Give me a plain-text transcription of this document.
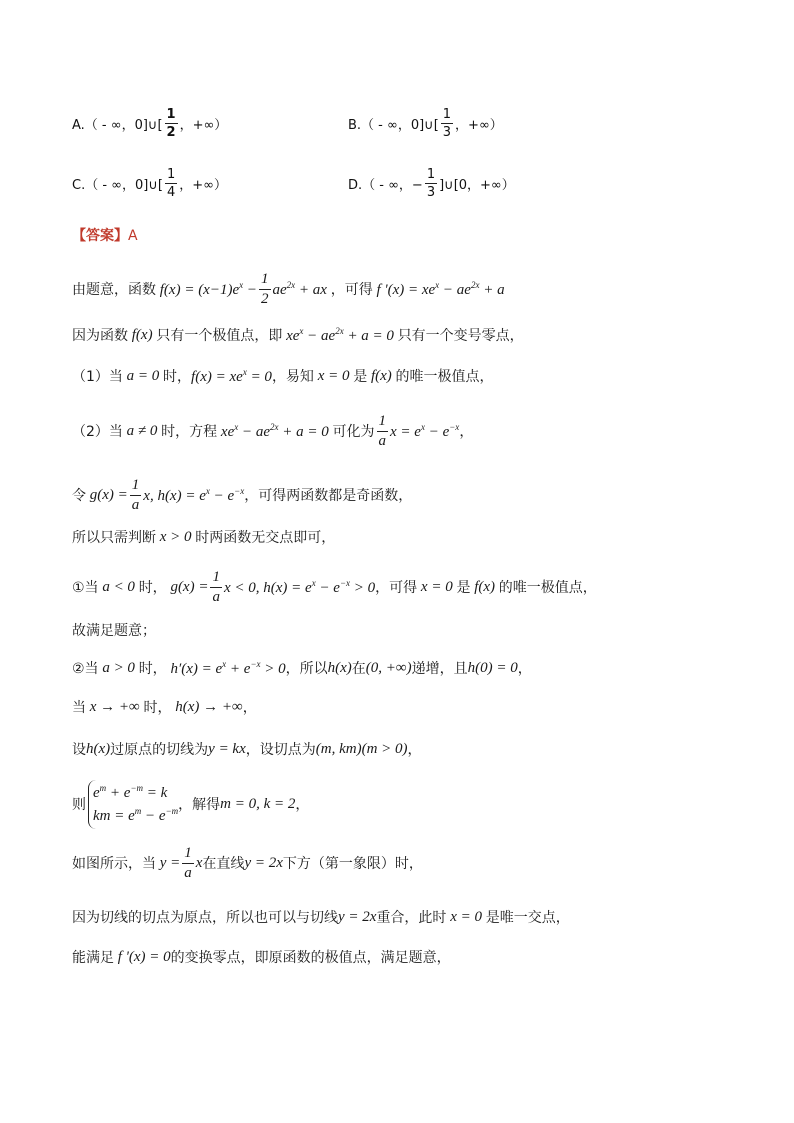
A.（ - ∞，0]∪[ $\frac{1}{2}$ ，+∞）	B.（ - ∞，0]∪[ $\frac{1}{3}$ ，+∞）
C.（ - ∞，0]∪[ $\frac{1}{4}$ ，+∞）	D.（ - ∞，− $\frac{1}{3}$ ]∪[0，+∞）
【答案】 A
由题意，函数 $f(x) = (x-1)e^x - \frac{1}{2} ae^{2x}$ + ax ，可得 f '$(x) = xe^x - ae^{2x} + a$
因为函数 f(x) 只有一个极值点，即 $xe^x - ae^{2x} + a = 0$ 只有一个变号零点，
（1）当 a = 0 时， $f(x) = xe^x = 0$ ，易知 x = 0 是 f(x) 的唯一极值点，
（2）当 a ≠ 0 时，方程 $xe^x - ae^{2x} + a = 0$ 可化为 $\frac{1}{a}$ $x = e^x - e^{-x}$ ，
令 $g(x) = \frac{1}{a} x$, $h(x) = e^x - e^{-x}$ ，可得两函数都是奇函数，
所以只需判断 x > 0 时两函数无交点即可，
①当 a < 0 时， $g(x) = \frac{1}{a}$ x < 0, $h(x) = e^x - e^{-x} > 0$ ，可得 x = 0 是 f(x) 的唯一极值点，
故满足题意；
②当 a > 0 时， $h'(x) = e^x + e^{-x} > 0$ ，所以 h(x) 在 (0, +∞) 递增，且 h(0) = 0 ，
当 x → +∞ 时， h(x) → +∞ ，
设 h(x) 过原点的切线为 y = kx ，设切点为 (m, km)(m > 0) ，
则
$e^m + e^{-m} = k$
km = $e^m - e^{-m}$ ，解得 m = 0, k = 2 ，
如图所示，当 $y = \frac{1}{a}$ x 在直线 y = 2x 下方（第一象限）时，
因为切线的切点为原点，所以也可以与切线 y = 2x 重合，此时 x = 0 是唯一交点，
能满足 f '(x) = 0 的变换零点，即原函数的极值点，满足题意，
